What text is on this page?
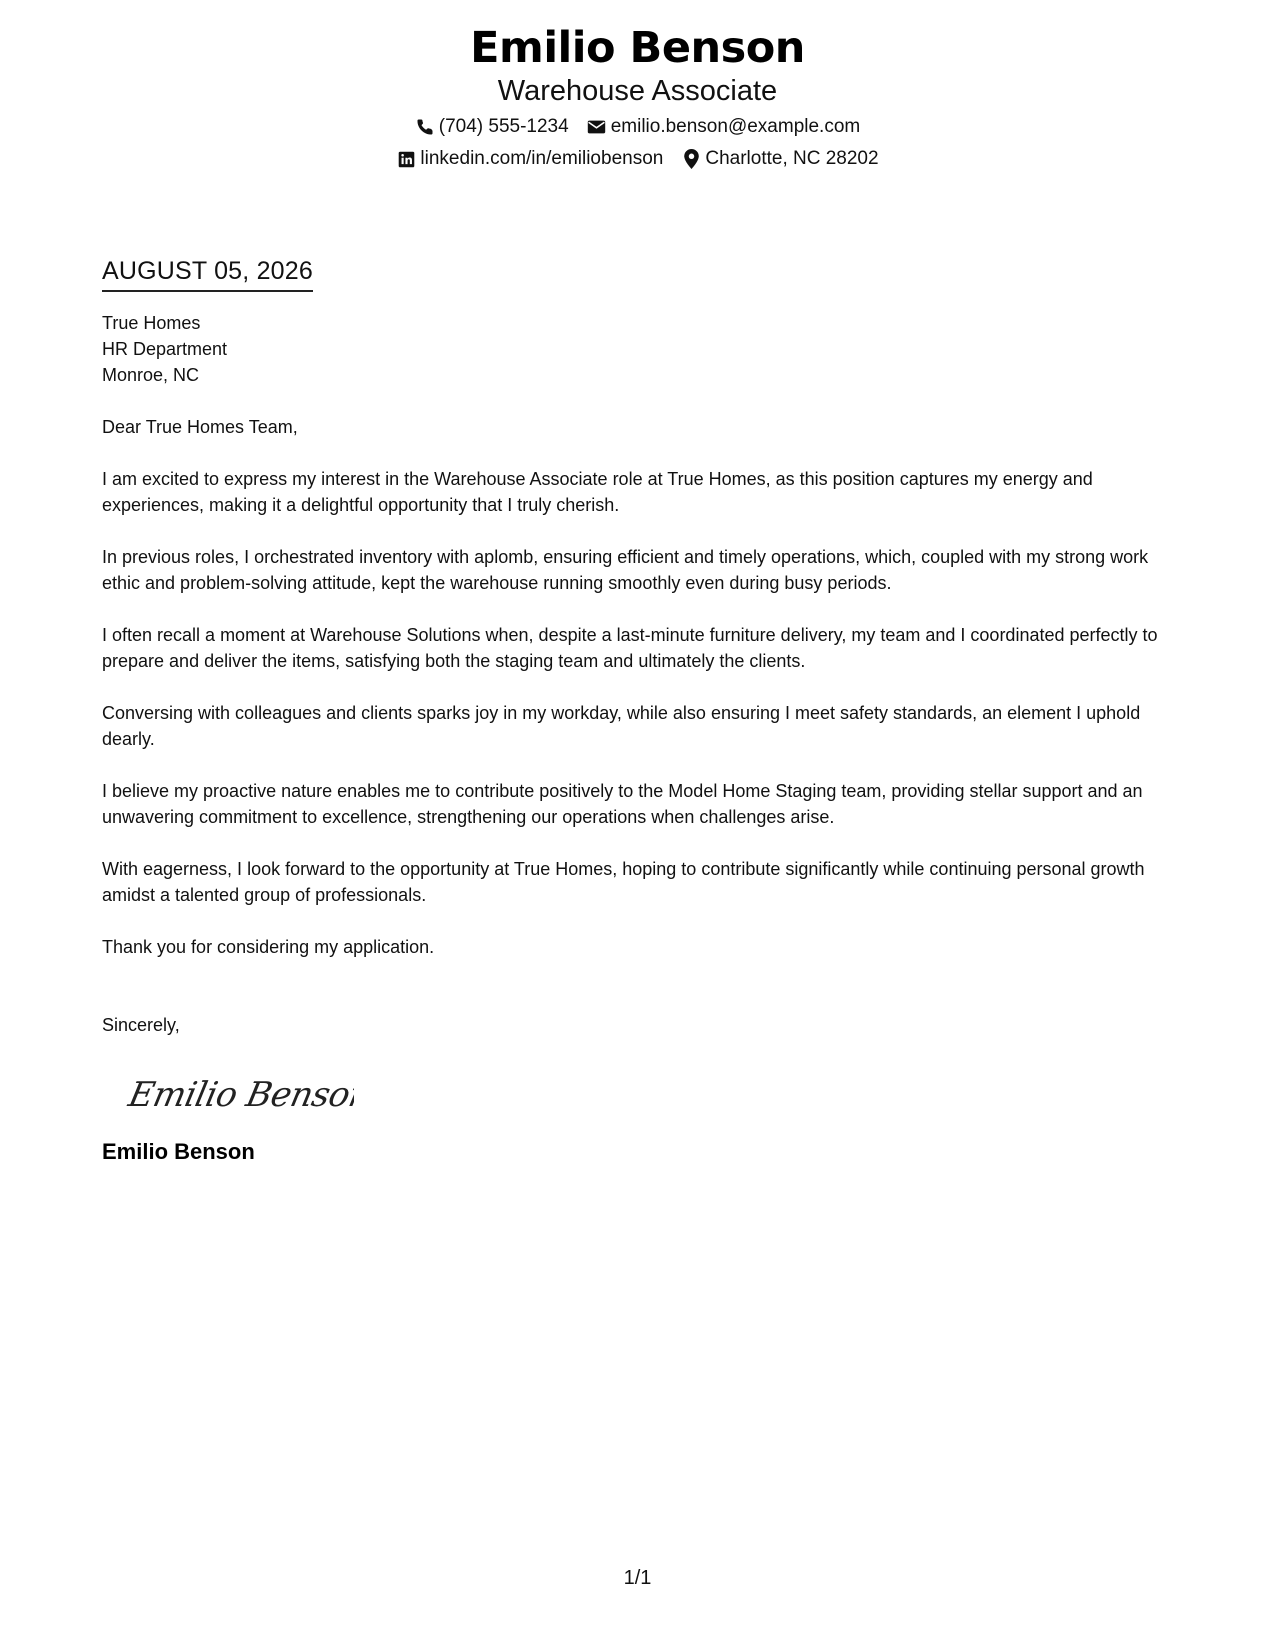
Emilio Benson
Warehouse Associate
(704) 555-1234 emilio.benson@example.com
linkedin.com/in/emiliobenson Charlotte, NC 28202
AUGUST 05, 2026
True Homes
HR Department
Monroe, NC
Dear True Homes Team,

I am excited to express my interest in the Warehouse Associate role at True Homes, as this position captures my energy and experiences, making it a delightful opportunity that I truly cherish.

In previous roles, I orchestrated inventory with aplomb, ensuring efficient and timely operations, which, coupled with my strong work ethic and problem-solving attitude, kept the warehouse running smoothly even during busy periods.

I often recall a moment at Warehouse Solutions when, despite a last-minute furniture delivery, my team and I coordinated perfectly to prepare and deliver the items, satisfying both the staging team and ultimately the clients.

Conversing with colleagues and clients sparks joy in my workday, while also ensuring I meet safety standards, an element I uphold dearly.

I believe my proactive nature enables me to contribute positively to the Model Home Staging team, providing stellar support and an unwavering commitment to excellence, strengthening our operations when challenges arise.

With eagerness, I look forward to the opportunity at True Homes, hoping to contribute significantly while continuing personal growth amidst a talented group of professionals.

Thank you for considering my application.

Sincerely,
Emilio Benson
Emilio Benson
1/1
